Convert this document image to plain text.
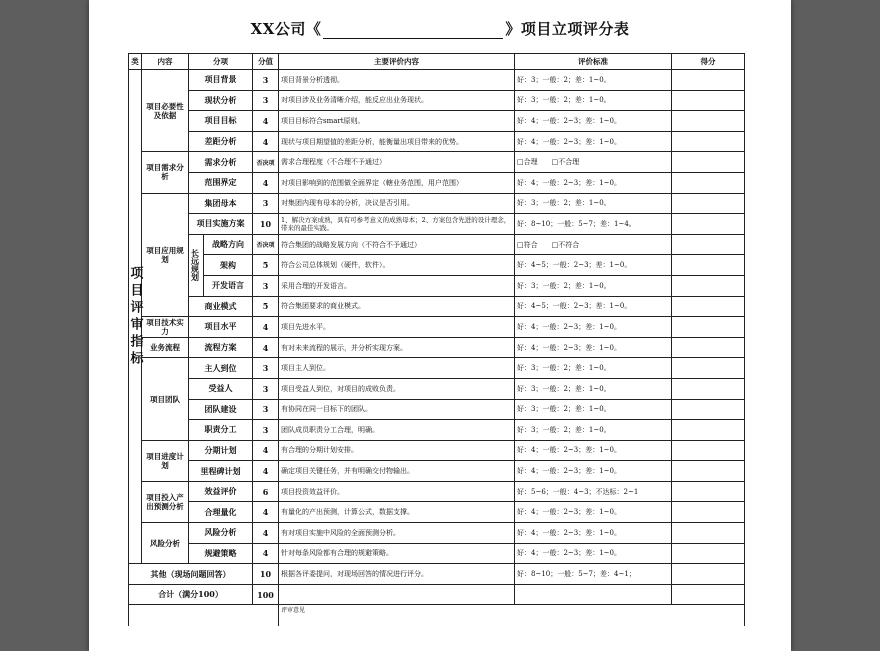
XX公司《	》项目立项评分表
类	内容	分项		分值	主要评价内容	评价标准	得分
项目评审指标	项目必要性及依据	项目背景		3	项目背景分析透彻。	好：3；一般：2；差：1~0。	
		现状分析		3	对项目涉及业务清晰介绍，能反应出业务现状。	好：3；一般：2；差：1~0。	
		项目目标		4	项目目标符合smart原则。	好：4；一般：2~3；差：1~0。	
		差距分析		4	现状与项目期望值的差距分析，能衡量出项目带来的优势。	好：4；一般：2~3；差：1~0。	
	项目需求分析	需求分析		否决项	需求合理程度（不合理不予通过）	□合理　　□不合理	
		范围界定		4	对项目影响到的范围做全面界定（轄业务范围，用户范围）	好：4；一般：2~3；差：1~0。	
	项目应用规划	集团母本		3	对集团内现有母本的分析，决议是否引用。	好：3；一般：2；差：1~0。	
		项目实施方案		10	1、解决方案成熟，具有可参考意义的成熟母本；2、方案包含先进的设计理念，带来的最佳实践。	好：8~10；一般：5~7；差：1~4。	
		长远规划	战略方向	否决项	符合集团的战略发展方向（不符合不予通过）	□符合　　□不符合	
			架构	5	符合公司总体规划（硬件，软件）。	好：4~5；一般：2~3；差：1~0。	
			开发语言	3	采用合理的开发语言。	好：3；一般：2；差：1~0。	
		商业模式		5	符合集团要求的商业模式。	好：4~5；一般：2~3；差：1~0。	
	项目技术实力	项目水平		4	项目先进水平。	好：4；一般：2~3；差：1~0。	
	业务流程	流程方案		4	有对未来流程的展示，并分析实现方案。	好：4；一般：2~3；差：1~0。	
	项目团队	主人到位		3	项目主人到位。	好：3；一般：2；差：1~0。	
		受益人		3	项目受益人到位，对项目的成败负责。	好：3；一般：2；差：1~0。	
		团队建设		3	有协同在同一目标下的团队。	好：3；一般：2；差：1~0。	
		职责分工		3	团队成员职责分工合理，明确。	好：3；一般：2；差：1~0。	
	项目进度计划	分期计划		4	有合理的分期计划安排。	好：4；一般：2~3；差：1~0。	
		里程碑计划		4	确定项目关键任务，并有明确交付物输出。	好：4；一般：2~3；差：1~0。	
	项目投入产出预测分析	效益评价		6	项目投资效益评价。	好：5~6；一般：4~3；不达标：2~1	
		合理量化		4	有量化的产出预测，计算公式，数据支撑。	好：4；一般：2~3；差：1~0。	
	风险分析	风险分析		4	有对项目实施中风险的全面预测分析。	好：4；一般：2~3；差：1~0。	
		规避策略		4	针对每条风险都有合理的规避策略。	好：4；一般：2~3；差：1~0。	
其他（现场问题回答）				10	根据各评委提问，对现场回答的情况进行评分。	好：8~10；一般：5~7；差：4~1；	
合计（满分100）				100			
					评审意见		
